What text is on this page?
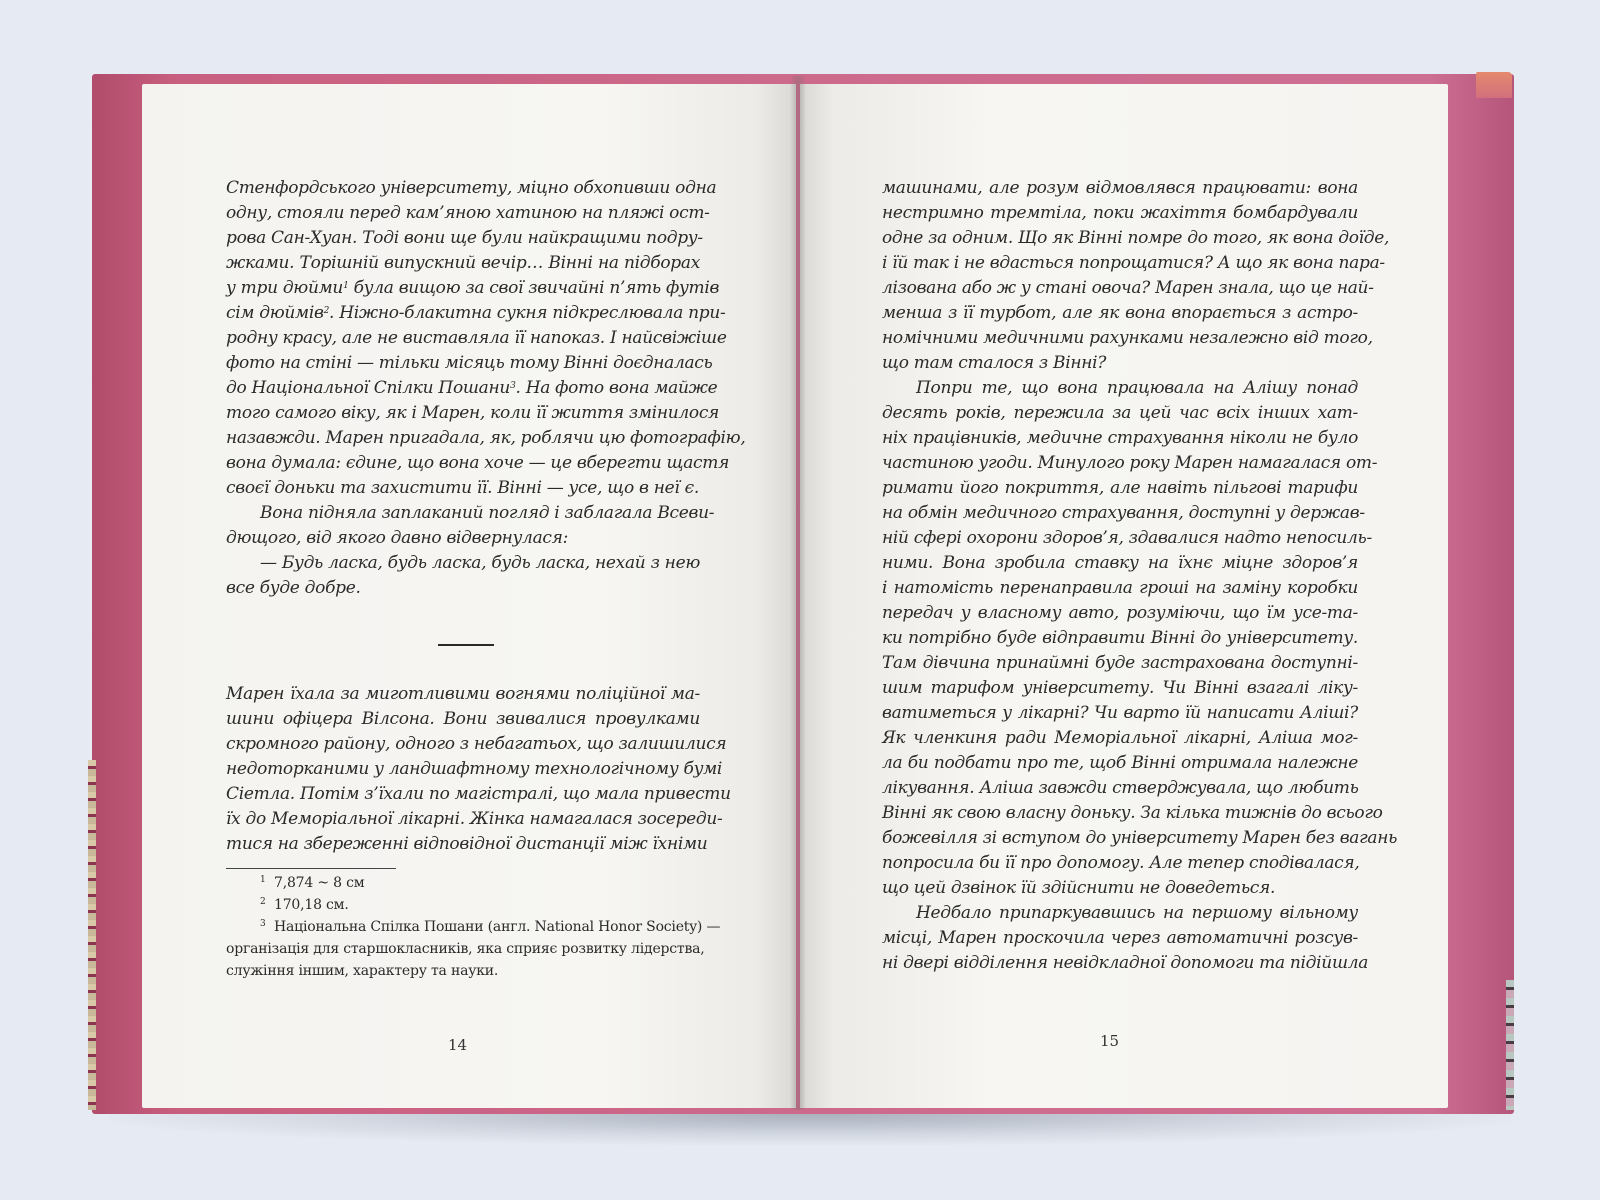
Стенфордського університету, міцно обхопивши одна
одну, стояли перед кам’яною хатиною на пляжі ост-
рова Сан-Хуан. Тоді вони ще були найкращими подру-
жками. Торішній випускний вечір… Вінні на підборах
у три дюйми$^1$ була вищою за свої звичайні п’ять футів
сім дюймів$^2$. Ніжно-блакитна сукня підкреслювала при-
родну красу, але не виставляла її напоказ. І найсвіжіше
фото на стіні — тільки місяць тому Вінні доєдналась
до Національної Спілки Пошани$^3$. На фото вона майже
того самого віку, як і Марен, коли її життя змінилося
назавжди. Марен пригадала, як, роблячи цю фотографію,
вона думала: єдине, що вона хоче — це вберегти щастя
своєї доньки та захистити її. Вінні — усе, що в неї є.
Вона підняла заплаканий погляд і заблагала Всеви-
дющого, від якого давно відвернулася:
— Будь ласка, будь ласка, будь ласка, нехай з нею
все буде добре.
Марен їхала за миготливими вогнями поліційної ма-
шини офіцера Вілсона. Вони звивалися провулками
скромного району, одного з небагатьох, що залишилися
недоторканими у ландшафтному технологічному бумі
Сіетла. Потім з’їхали по магістралі, що мала привести
їх до Меморіальної лікарні. Жінка намагалася зосереди-
тися на збереженні відповідної дистанції між їхніми
$^1$ 7,874 ~ 8 см
$^2$ 170,18 см.
$^3$ Національна Спілка Пошани (англ. National Honor Society) —
організація для старшокласників, яка сприяє розвитку лідерства,
служіння іншим, характеру та науки.
14
машинами, але розум відмовлявся працювати: вона
нестримно тремтіла, поки жахіття бомбардували
одне за одним. Що як Вінні помре до того, як вона доїде,
і їй так і не вдасться попрощатися? А що як вона пара-
лізована або ж у стані овоча? Марен знала, що це най-
менша з її турбот, але як вона впорається з астро-
номічними медичними рахунками незалежно від того,
що там сталося з Вінні?
Попри те, що вона працювала на Алішу понад
десять років, пережила за цей час всіх інших хат-
ніх працівників, медичне страхування ніколи не було
частиною угоди. Минулого року Марен намагалася от-
римати його покриття, але навіть пільгові тарифи
на обмін медичного страхування, доступні у держав-
ній сфері охорони здоров’я, здавалися надто непосиль-
ними. Вона зробила ставку на їхнє міцне здоров’я
і натомість перенаправила гроші на заміну коробки
передач у власному авто, розуміючи, що їм усе-та-
ки потрібно буде відправити Вінні до університету.
Там дівчина принаймні буде застрахована доступні-
шим тарифом університету. Чи Вінні взагалі ліку-
ватиметься у лікарні? Чи варто їй написати Аліші?
Як членкиня ради Меморіальної лікарні, Аліша мог-
ла би подбати про те, щоб Вінні отримала належне
лікування. Аліша завжди стверджувала, що любить
Вінні як свою власну доньку. За кілька тижнів до всього
божевілля зі вступом до університету Марен без вагань
попросила би її про допомогу. Але тепер сподівалася,
що цей дзвінок їй здійснити не доведеться.
Недбало припаркувавшись на першому вільному
місці, Марен проскочила через автоматичні розсув-
ні двері відділення невідкладної допомоги та підійшла
15
